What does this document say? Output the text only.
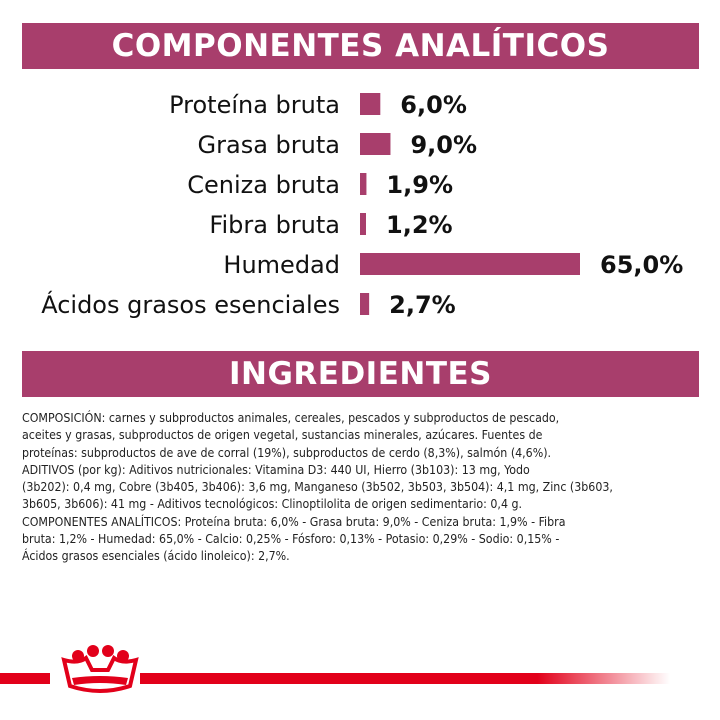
COMPONENTES ANALÍTICOS
Proteína bruta	6,0%
Grasa bruta	9,0%
Ceniza bruta 1,9%
Fibra bruta 1,2%
Humedad	65,0%
Ácidos grasos esenciales 2,7%
INGREDIENTES

COMPOSICIÓN: carnes y subproductos animales, cereales, pescados y subproductos de pescado,
aceites y grasas, subproductos de origen vegetal, sustancias minerales, azúcares. Fuentes de
proteínas: subproductos de ave de corral (19%), subproductos de cerdo (8,3%), salmón (4,6%).
ADITIVOS (por kg): Aditivos nutricionales: Vitamina D3: 440 UI, Hierro (3b103): 13 mg, Yodo
(3b202): 0,4 mg, Cobre (3b405, 3b406): 3,6 mg, Manganeso (3b502, 3b503, 3b504): 4,1 mg, Zinc (3b603,
3b605, 3b606): 41 mg - Aditivos tecnológicos: Clinoptilolita de origen sedimentario: 0,4 g.
COMPONENTES ANALÍTICOS: Proteína bruta: 6,0% - Grasa bruta: 9,0% - Ceniza bruta: 1,9% - Fibra
bruta: 1,2% - Humedad: 65,0% - Calcio: 0,25% - Fósforo: 0,13% - Potasio: 0,29% - Sodio: 0,15% -
Ácidos grasos esenciales (ácido linoleico): 2,7%.
